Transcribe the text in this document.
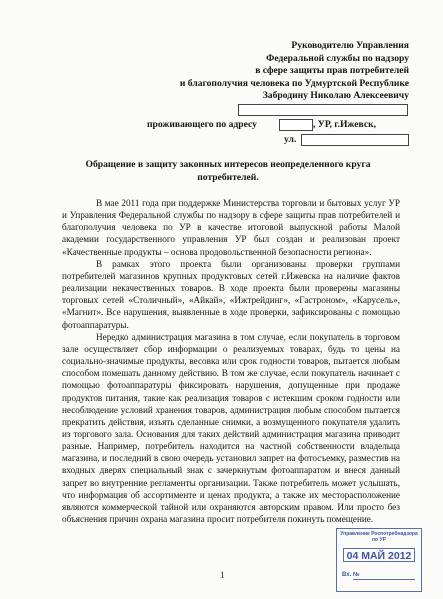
Руководителю Управления
Федеральной службы по надзору
в сфере защиты прав потребителей
и благополучия человека по Удмуртской Республике
Забродину Николаю Алексеевичу
проживающего по адресу	, УР, г.Ижевск,
ул.
Обращение в защиту законных интересов неопределенного круга потребителей.

В мае 2011 года при поддержке Министерства торговли и бытовых услуг УР и Управления Федеральной службы по надзору в сфере защиты прав потребителей и благополучия человека по УР в качестве итоговой выпускной работы Малой академии государственного управления УР был создан и реализован проект «Качественные продукты – основа продовольственной безопасности региона».

В рамках этого проекта были организованы проверки группами потребителей магазинов крупных продуктовых сетей г.Ижевска на наличие фактов реализации некачественных товаров. В ходе проекта были проверены магазины торговых сетей «Столичный», «Айкай», «Ижтрейдинг», «Гастроном», «Карусель», «Магнит». Все нарушения, выявленные в ходе проверки, зафиксированы с помощью фотоаппаратуры.

Нередко администрация магазина в том случае, если покупатель в торговом зале осуществляет сбор информации о реализуемых товарах, будь то цены на социально-значимые продукты, весовка или срок годности товаров, пытается любым способом помешать данному действию. В том же случае, если покупатель начинает с помощью фотоаппаратуры фиксировать нарушения, допущенные при продаже продуктов питания, такие как реализация товаров с истекшим сроком годности или несоблюдение условий хранения товаров, администрация любым способом пытается прекратить действия, изъять сделанные снимки, а возмущенного покупателя удалить из торгового зала. Основания для таких действий администрация магазина приводит разные. Например, потребитель находится на частной собственности владельца магазина, и последний в свою очередь установил запрет на фотосъемку, разместив на входных дверях специальный знак с зачеркнутым фотоаппаратом и внеся данный запрет во внутренние регламенты организации. Также потребитель может услышать, что информация об ассортименте и ценах продукта, а также их месторасположение являются коммерческой тайной или охраняются авторским правом. Или просто без объяснения причин охрана магазина просит потребителя покинуть помещение.

1
Управление Роспотребнадзора по УР
04 МАЙ 2012
Вх. №
